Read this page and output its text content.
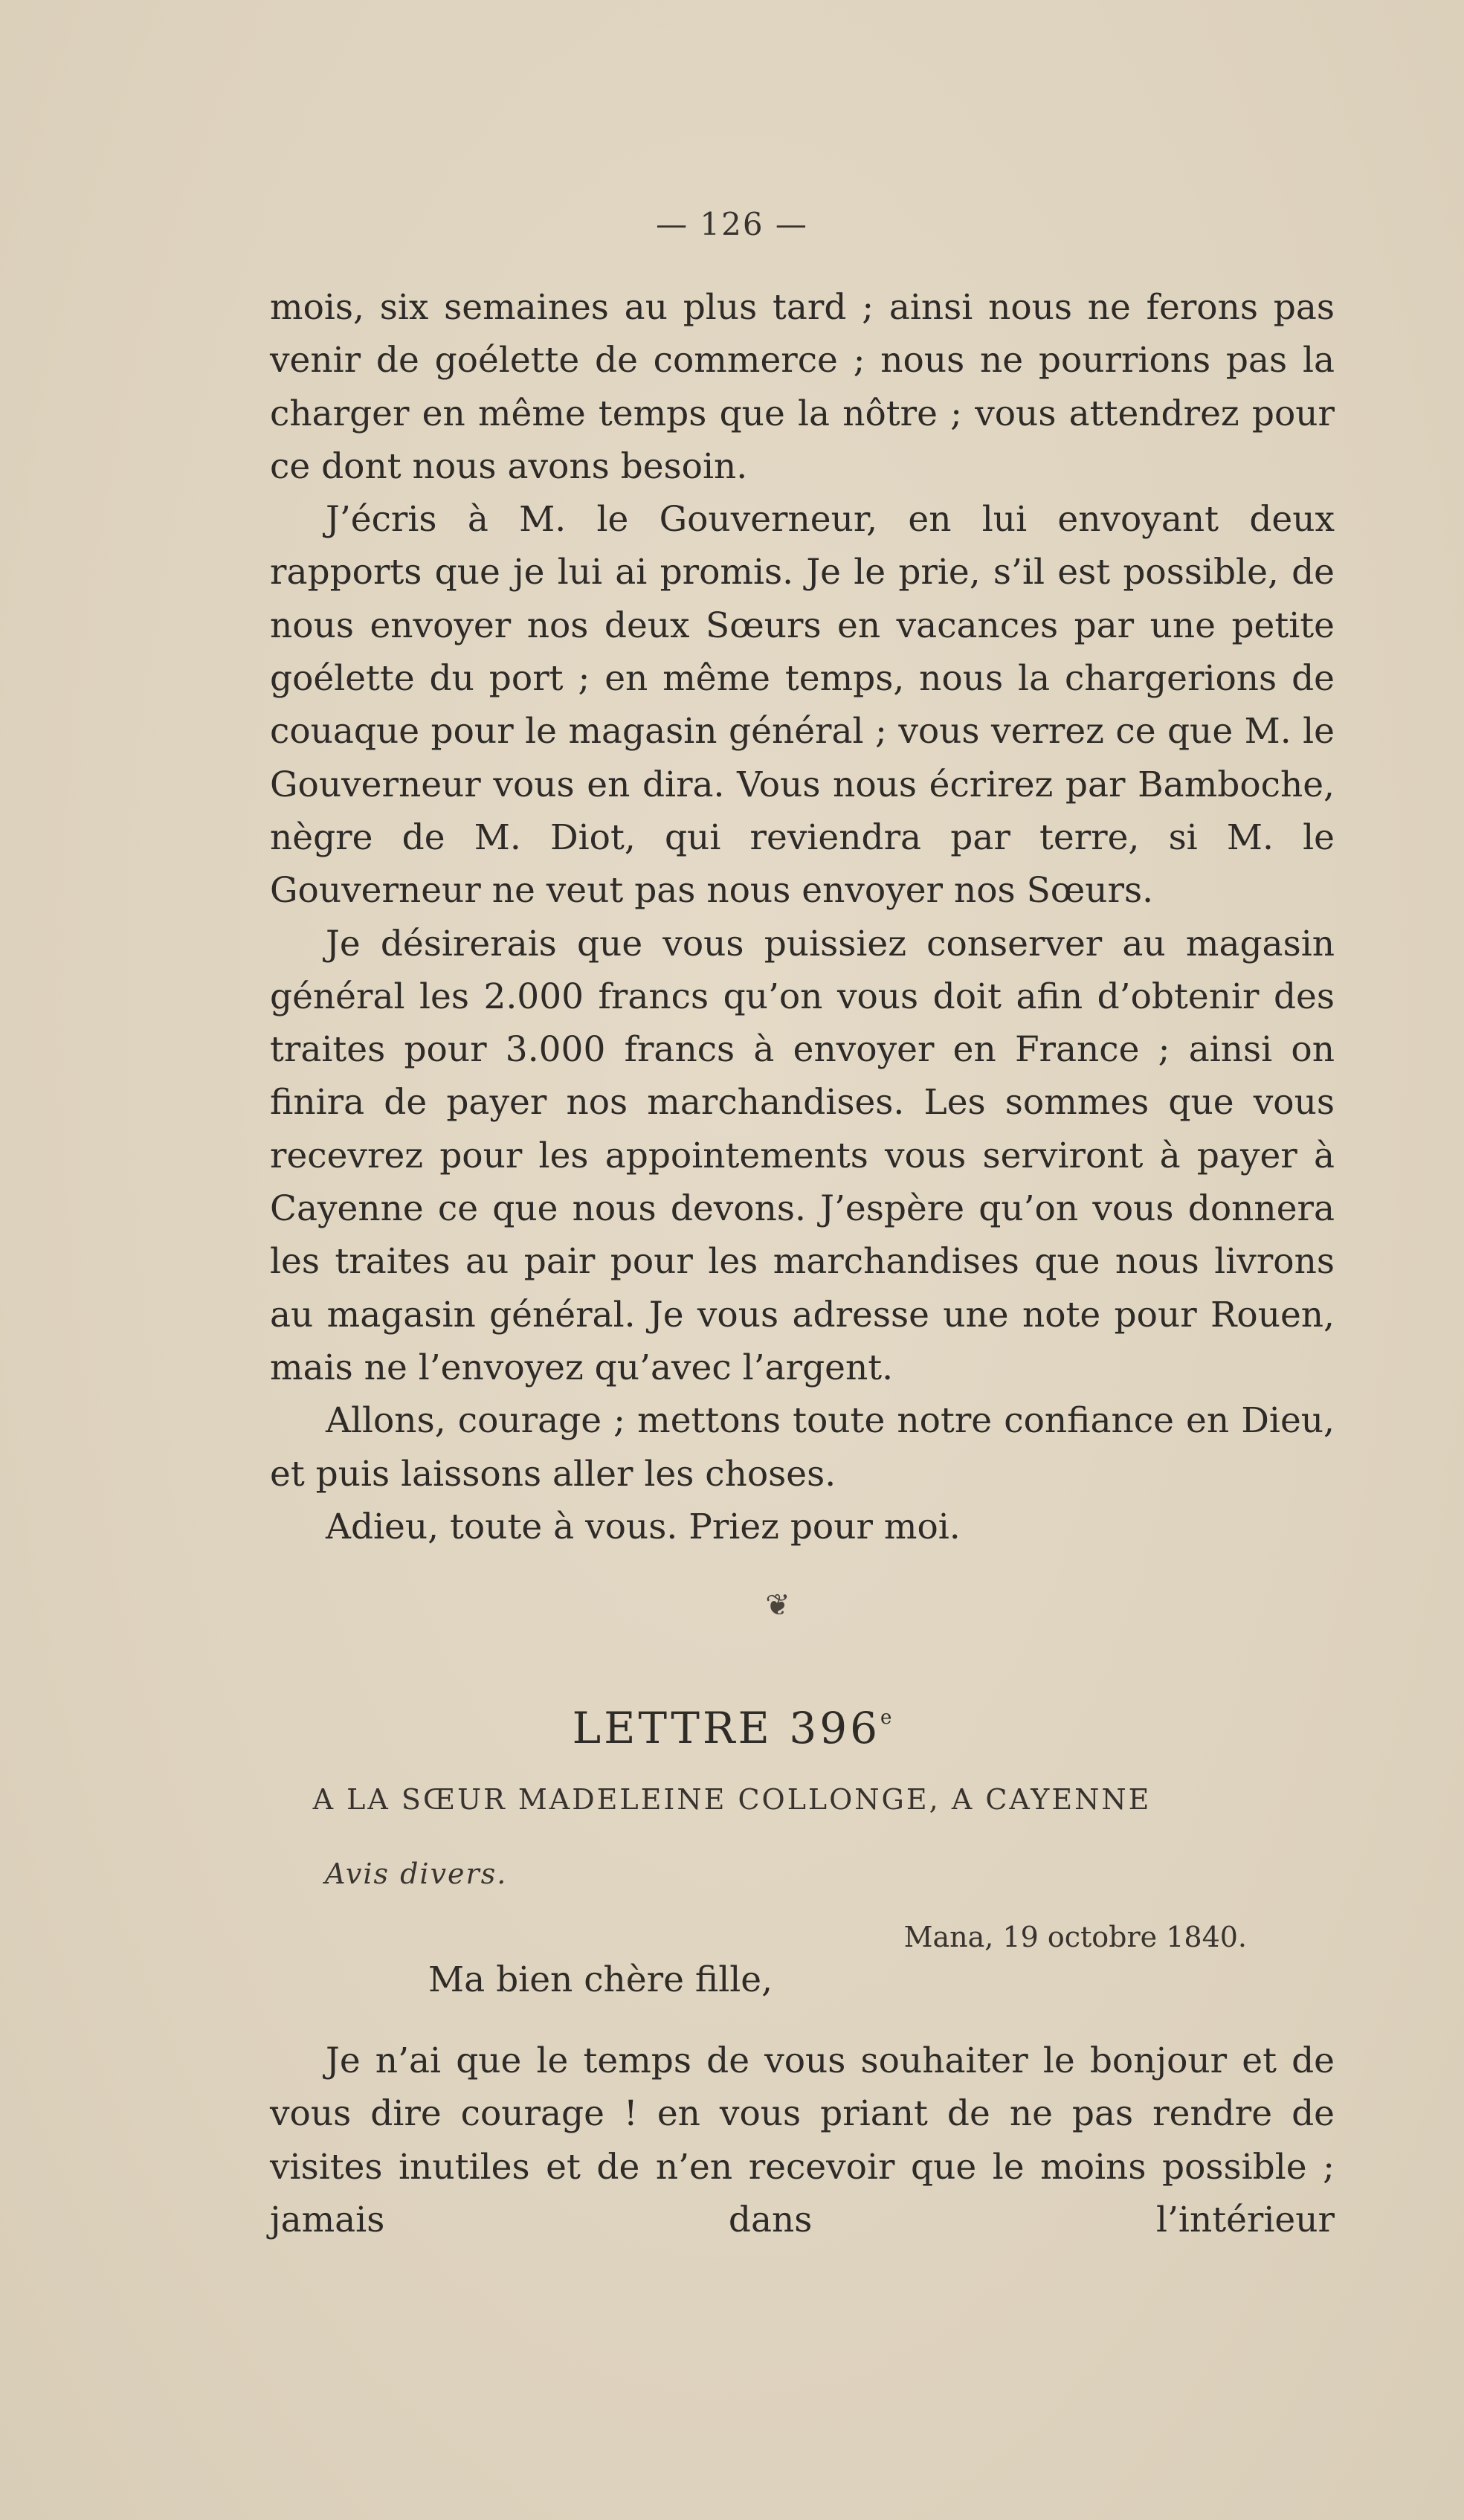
— 126 —

mois, six semaines au plus tard ; ainsi nous ne ferons pas venir de goélette de commerce ; nous ne pourrions pas la charger en même temps que la nôtre ; vous attendrez pour ce dont nous avons besoin.

J’écris à M. le Gouverneur, en lui envoyant deux rapports que je lui ai promis. Je le prie, s’il est possible, de nous envoyer nos deux Sœurs en vacances par une petite goélette du port ; en même temps, nous la chargerions de couaque pour le magasin général ; vous verrez ce que M. le Gouverneur vous en dira. Vous nous écrirez par Bamboche, nègre de M. Diot, qui reviendra par terre, si M. le Gouverneur ne veut pas nous envoyer nos Sœurs.

Je désirerais que vous puissiez conserver au magasin général les 2.000 francs qu’on vous doit afin d’obtenir des traites pour 3.000 francs à envoyer en France ; ainsi on finira de payer nos marchandises. Les sommes que vous recevrez pour les appointements vous serviront à payer à Cayenne ce que nous devons. J’espère qu’on vous donnera les traites au pair pour les marchandises que nous livrons au magasin général. Je vous adresse une note pour Rouen, mais ne l’envoyez qu’avec l’argent.

Allons, courage ; mettons toute notre confiance en Dieu, et puis laissons aller les choses.

Adieu, toute à vous. Priez pour moi.

❦
LETTRE 396e
A LA SŒUR MADELEINE COLLONGE, A CAYENNE
Avis divers.
Mana, 19 octobre 1840.
Ma bien chère fille,

Je n’ai que le temps de vous souhaiter le bonjour et de vous dire courage ! en vous priant de ne pas rendre de visites inutiles et de n’en recevoir que le moins possible ; jamais dans l’intérieur
